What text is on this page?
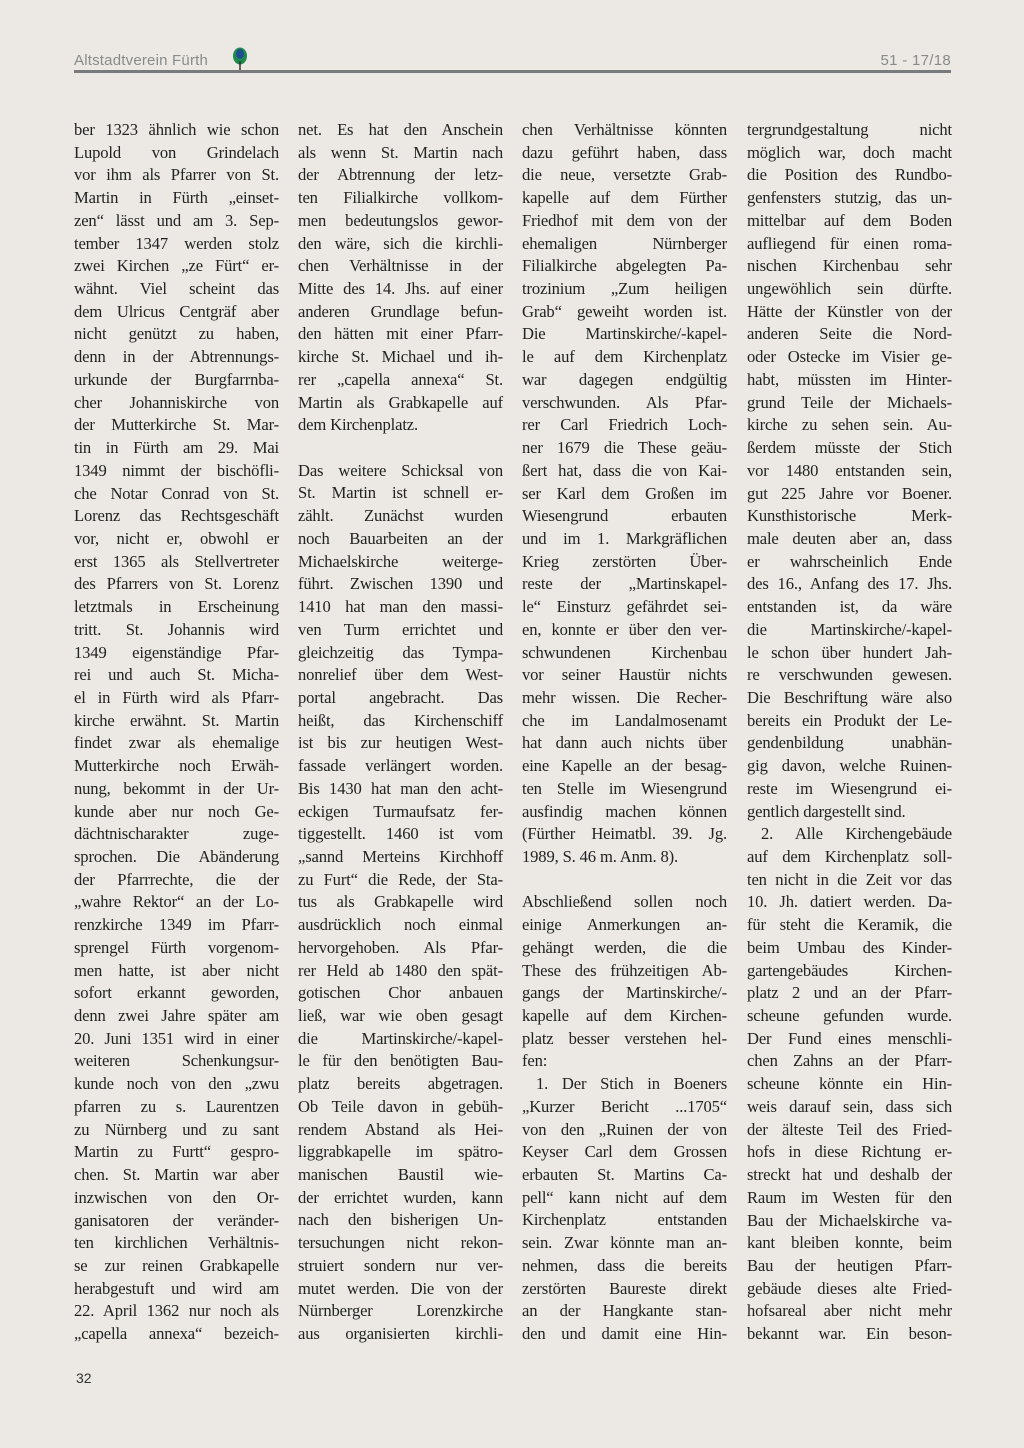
Altstadtverein Fürth	51 - 17/18
ber 1323 ähnlich wie schon
Lupold von Grindelach
vor ihm als Pfarrer von St.
Martin in Fürth „einset-
zen“ lässt und am 3. Sep-
tember 1347 werden stolz
zwei Kirchen „ze Fürt“ er-
wähnt. Viel scheint das
dem Ulricus Centgräf aber
nicht genützt zu haben,
denn in der Abtrennungs-
urkunde der Burgfarrnba-
cher Johanniskirche von
der Mutterkirche St. Mar-
tin in Fürth am 29. Mai
1349 nimmt der bischöfli-
che Notar Conrad von St.
Lorenz das Rechtsgeschäft
vor, nicht er, obwohl er
erst 1365 als Stellvertreter
des Pfarrers von St. Lorenz
letztmals in Erscheinung
tritt. St. Johannis wird
1349 eigenständige Pfar-
rei und auch St. Micha-
el in Fürth wird als Pfarr-
kirche erwähnt. St. Martin
findet zwar als ehemalige
Mutterkirche noch Erwäh-
nung, bekommt in der Ur-
kunde aber nur noch Ge-
dächtnischarakter zuge-
sprochen. Die Abänderung
der Pfarrrechte, die der
„wahre Rektor“ an der Lo-
renzkirche 1349 im Pfarr-
sprengel Fürth vorgenom-
men hatte, ist aber nicht
sofort erkannt geworden,
denn zwei Jahre später am
20. Juni 1351 wird in einer
weiteren Schenkungsur-
kunde noch von den „zwu
pfarren zu s. Laurentzen
zu Nürnberg und zu sant
Martin zu Furtt“ gespro-
chen. St. Martin war aber
inzwischen von den Or-
ganisatoren der veränder-
ten kirchlichen Verhältnis-
se zur reinen Grabkapelle
herabgestuft und wird am
22. April 1362 nur noch als
„capella annexa“ bezeich-
net. Es hat den Anschein
als wenn St. Martin nach
der Abtrennung der letz-
ten Filialkirche vollkom-
men bedeutungslos gewor-
den wäre, sich die kirchli-
chen Verhältnisse in der
Mitte des 14. Jhs. auf einer
anderen Grundlage befun-
den hätten mit einer Pfarr-
kirche St. Michael und ih-
rer „capella annexa“ St.
Martin als Grabkapelle auf
dem Kirchenplatz.
Das weitere Schicksal von
St. Martin ist schnell er-
zählt. Zunächst wurden
noch Bauarbeiten an der
Michaelskirche weiterge-
führt. Zwischen 1390 und
1410 hat man den massi-
ven Turm errichtet und
gleichzeitig das Tympa-
nonrelief über dem West-
portal angebracht. Das
heißt, das Kirchenschiff
ist bis zur heutigen West-
fassade verlängert worden.
Bis 1430 hat man den acht-
eckigen Turmaufsatz fer-
tiggestellt. 1460 ist vom
„sannd Merteins Kirchhoff
zu Furt“ die Rede, der Sta-
tus als Grabkapelle wird
ausdrücklich noch einmal
hervorgehoben. Als Pfar-
rer Held ab 1480 den spät-
gotischen Chor anbauen
ließ, war wie oben gesagt
die Martinskirche/-kapel-
le für den benötigten Bau-
platz bereits abgetragen.
Ob Teile davon in gebüh-
rendem Abstand als Hei-
liggrabkapelle im spätro-
manischen Baustil wie-
der errichtet wurden, kann
nach den bisherigen Un-
tersuchungen nicht rekon-
struiert sondern nur ver-
mutet werden. Die von der
Nürnberger Lorenzkirche
aus organisierten kirchli-
chen Verhältnisse könnten
dazu geführt haben, dass
die neue, versetzte Grab-
kapelle auf dem Fürther
Friedhof mit dem von der
ehemaligen Nürnberger
Filialkirche abgelegten Pa-
trozinium „Zum heiligen
Grab“ geweiht worden ist.
Die Martinskirche/-kapel-
le auf dem Kirchenplatz
war dagegen endgültig
verschwunden. Als Pfar-
rer Carl Friedrich Loch-
ner 1679 die These geäu-
ßert hat, dass die von Kai-
ser Karl dem Großen im
Wiesengrund erbauten
und im 1. Markgräflichen
Krieg zerstörten Über-
reste der „Martinskapel-
le“ Einsturz gefährdet sei-
en, konnte er über den ver-
schwundenen Kirchenbau
vor seiner Haustür nichts
mehr wissen. Die Recher-
che im Landalmosenamt
hat dann auch nichts über
eine Kapelle an der besag-
ten Stelle im Wiesengrund
ausfindig machen können
(Fürther Heimatbl. 39. Jg.
1989, S. 46 m. Anm. 8).
Abschließend sollen noch
einige Anmerkungen an-
gehängt werden, die die
These des frühzeitigen Ab-
gangs der Martinskirche/-
kapelle auf dem Kirchen-
platz besser verstehen hel-
fen:
1. Der Stich in Boeners
„Kurzer Bericht ...1705“
von den „Ruinen der von
Keyser Carl dem Grossen
erbauten St. Martins Ca-
pell“ kann nicht auf dem
Kirchenplatz entstanden
sein. Zwar könnte man an-
nehmen, dass die bereits
zerstörten Baureste direkt
an der Hangkante stan-
den und damit eine Hin-
tergrundgestaltung nicht
möglich war, doch macht
die Position des Rundbo-
genfensters stutzig, das un-
mittelbar auf dem Boden
aufliegend für einen roma-
nischen Kirchenbau sehr
ungewöhlich sein dürfte.
Hätte der Künstler von der
anderen Seite die Nord-
oder Ostecke im Visier ge-
habt, müssten im Hinter-
grund Teile der Michaels-
kirche zu sehen sein. Au-
ßerdem müsste der Stich
vor 1480 entstanden sein,
gut 225 Jahre vor Boener.
Kunsthistorische Merk-
male deuten aber an, dass
er wahrscheinlich Ende
des 16., Anfang des 17. Jhs.
entstanden ist, da wäre
die Martinskirche/-kapel-
le schon über hundert Jah-
re verschwunden gewesen.
Die Beschriftung wäre also
bereits ein Produkt der Le-
gendenbildung unabhän-
gig davon, welche Ruinen-
reste im Wiesengrund ei-
gentlich dargestellt sind.
2. Alle Kirchengebäude
auf dem Kirchenplatz soll-
ten nicht in die Zeit vor das
10. Jh. datiert werden. Da-
für steht die Keramik, die
beim Umbau des Kinder-
gartengebäudes Kirchen-
platz 2 und an der Pfarr-
scheune gefunden wurde.
Der Fund eines menschli-
chen Zahns an der Pfarr-
scheune könnte ein Hin-
weis darauf sein, dass sich
der älteste Teil des Fried-
hofs in diese Richtung er-
streckt hat und deshalb der
Raum im Westen für den
Bau der Michaelskirche va-
kant bleiben konnte, beim
Bau der heutigen Pfarr-
gebäude dieses alte Fried-
hofsareal aber nicht mehr
bekannt war. Ein beson-
32
